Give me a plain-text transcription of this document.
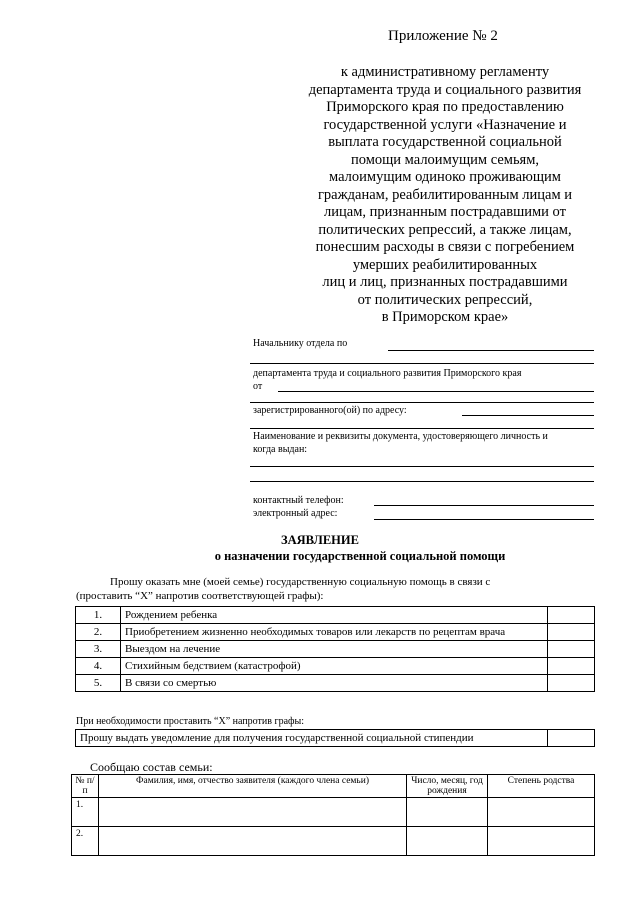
Приложение № 2
к административному регламенту
департамента труда и социального развития
Приморского края по предоставлению
государственной услуги «Назначение и
выплата государственной социальной
помощи малоимущим семьям,
малоимущим одиноко проживающим
гражданам, реабилитированным лицам и
лицам, признанным пострадавшими от
политических репрессий, а также лицам,
понесшим расходы в связи с погребением
умерших реабилитированных
лиц и лиц, признанных пострадавшими
от политических репрессий,
в Приморском крае»
Начальнику отдела по
департамента труда и социального развития Приморского края
от
зарегистрированного(ой) по адресу:
Наименование и реквизиты документа, удостоверяющего личность и
когда выдан:
контактный телефон:
электронный адрес:
ЗАЯВЛЕНИЕ
о назначении государственной социальной помощи
Прошу оказать мне (моей семье) государственную социальную помощь в связи с
(проставить “Х” напротив соответствующей графы):
1.	Рождением ребенка	
2.	Приобретением жизненно необходимых товаров или лекарств по рецептам врача	
3.	Выездом на лечение	
4.	Стихийным бедствием (катастрофой)	
5.	В связи со смертью	
При необходимости проставить “Х” напротив графы:
Прошу выдать уведомление для получения государственной социальной стипендии	
Сообщаю состав семьи:
№ п/п	Фамилия, имя, отчество заявителя (каждого члена семьи)	Число, месяц, год рождения	Степень родства
1.			
2.			
